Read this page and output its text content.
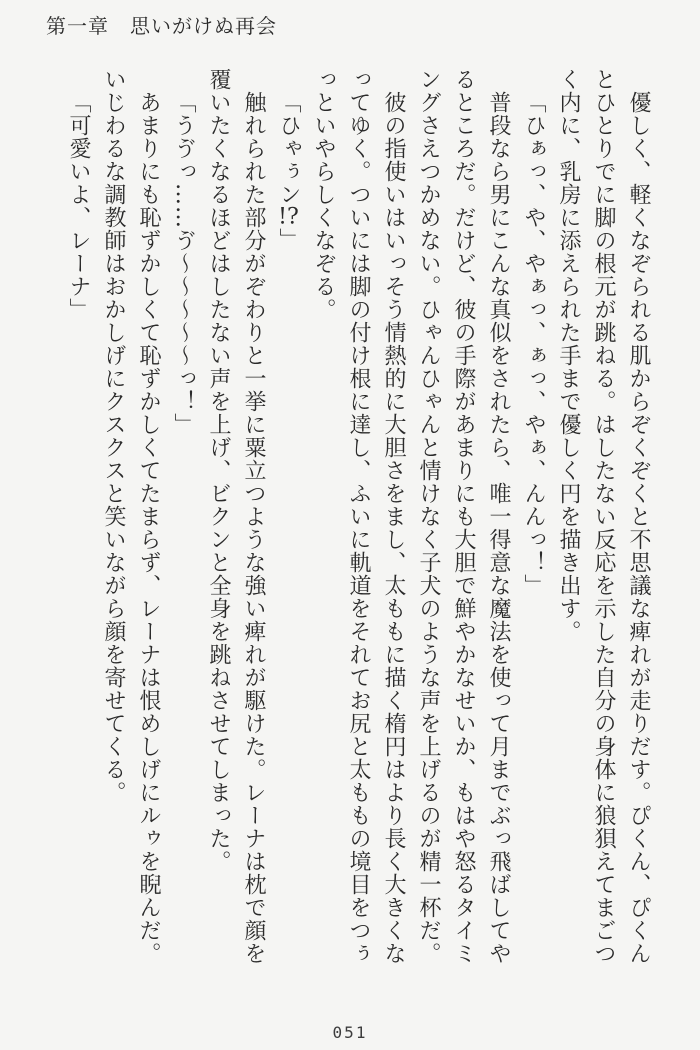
第一章　思いがけぬ再会

優しく、軽くなぞられる肌からぞくぞくと不思議な痺れが走りだす。ぴくん、ぴくんとひとりでに脚の根元が跳ねる。はしたない反応を示した自分の身体に狼狽えてまごつく内に、乳房に添えられた手まで優しく円を描き出す。

「ひぁっ、や、やぁっ、ぁっ、やぁ、んんっ！」

普段なら男にこんな真似をされたら、唯一得意な魔法を使って月までぶっ飛ばしてやるところだ。だけど、彼の手際があまりにも大胆で鮮やかなせいか、もはや怒るタイミングさえつかめない。ひゃんひゃんと情けなく子犬のような声を上げるのが精一杯だ。

彼の指使いはいっそう情熱的に大胆さをまし、太ももに描く楕円はより長く大きくなってゆく。ついには脚の付け根に達し、ふいに軌道をそれてお尻と太ももの境目をつぅっといやらしくなぞる。

「ひゃぅン!?」

触れられた部分がぞわりと一挙に粟立つような強い痺れが駆けた。レーナは枕で顔を覆いたくなるほどはしたない声を上げ、ビクンと全身を跳ねさせてしまった。

「うゔっ……ゔ～～～～～っ！」

あまりにも恥ずかしくて恥ずかしくてたまらず、レーナは恨めしげにルゥを睨んだ。いじわるな調教師はおかしげにクスクスと笑いながら顔を寄せてくる。

「可愛いよ、レーナ」

051
